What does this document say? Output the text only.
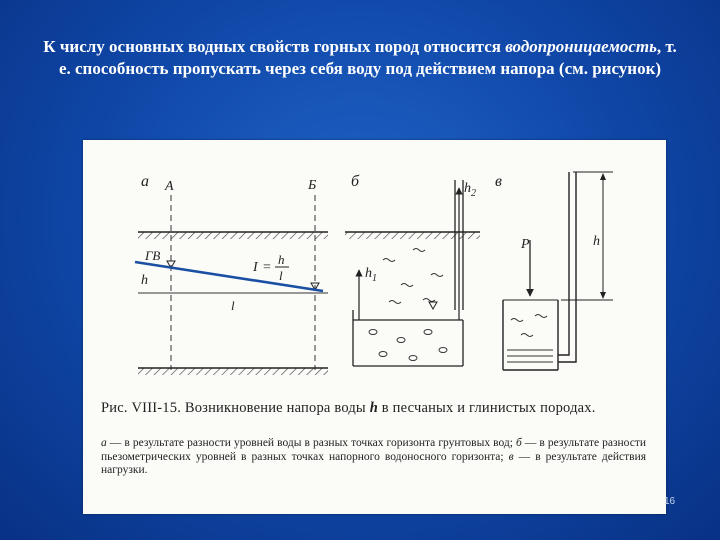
К числу основных водных свойств горных пород относится водопроницаемость, т. е. способность пропускать через себя воду под действием напора (см. рисунок)
а A	Б
ГВ
h
I =
h
l
l
б
$h_1$
$h_2$
в
P	h
Рис. VIII-15. Возникновение напора воды h в песчаных и глинистых породах.
а — в результате разности уровней воды в разных точках горизонта грунтовых вод; б — в результате разности пьезометрических уровней в разных точках напорного водоносного горизонта; в — в результате действия нагрузки.
16
